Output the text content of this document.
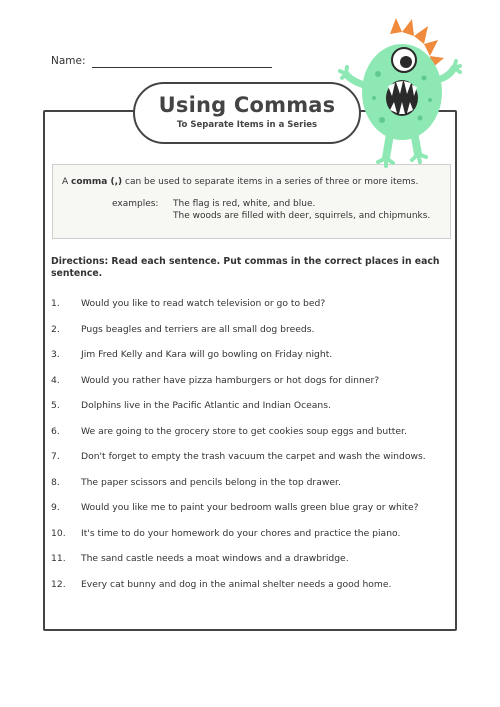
Name:
Using Commas
To Separate Items in a Series
A comma (,) can be used to separate items in a series of three or more items.
examples: The flag is red, white, and blue.
The woods are filled with deer, squirrels, and chipmunks.
Directions: Read each sentence. Put commas in the correct places in each sentence.
1. Would you like to read watch television or go to bed?
2. Pugs beagles and terriers are all small dog breeds.
3. Jim Fred Kelly and Kara will go bowling on Friday night.
4. Would you rather have pizza hamburgers or hot dogs for dinner?
5. Dolphins live in the Pacific Atlantic and Indian Oceans.
6. We are going to the grocery store to get cookies soup eggs and butter.
7. Don't forget to empty the trash vacuum the carpet and wash the windows.
8. The paper scissors and pencils belong in the top drawer.
9. Would you like me to paint your bedroom walls green blue gray or white?
10. It's time to do your homework do your chores and practice the piano.
11. The sand castle needs a moat windows and a drawbridge.
12. Every cat bunny and dog in the animal shelter needs a good home.
